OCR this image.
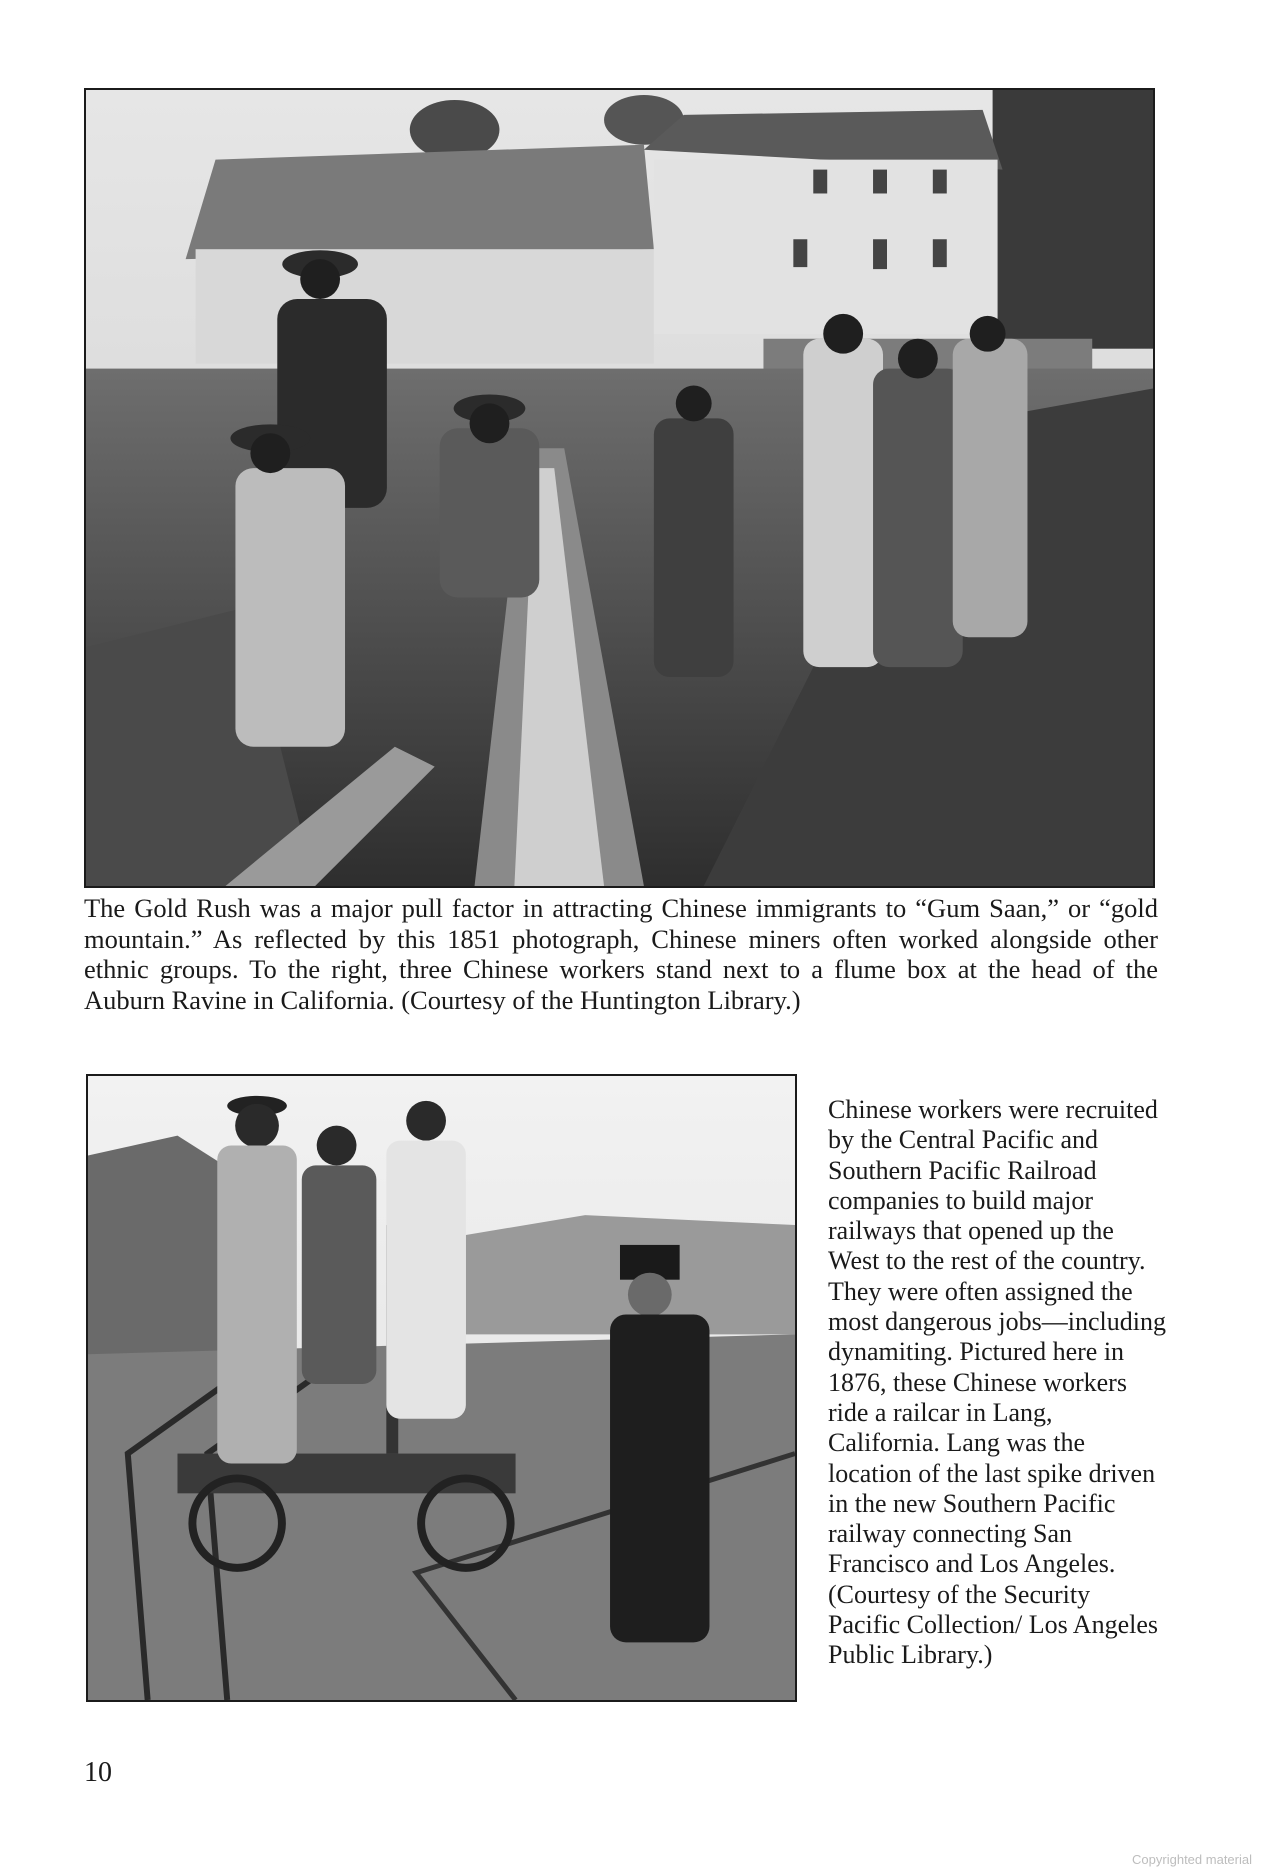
The Gold Rush was a major pull factor in attracting Chinese immigrants to “Gum Saan,” or “gold mountain.” As reflected by this 1851 photograph, Chinese miners often worked alongside other ethnic groups. To the right, three Chinese workers stand next to a flume box at the head of the Auburn Ravine in California. (Courtesy of the Huntington Library.)

Chinese workers were recruited by the Central Pacific and Southern Pacific Railroad companies to build major railways that opened up the West to the rest of the country. They were often assigned the most dangerous jobs—including dynamiting. Pictured here in 1876, these Chinese workers ride a railcar in Lang, California. Lang was the location of the last spike driven in the new Southern Pacific railway connecting San Francisco and Los Angeles. (Courtesy of the Security Pacific Collection/ Los Angeles Public Library.)

10

Copyrighted material
